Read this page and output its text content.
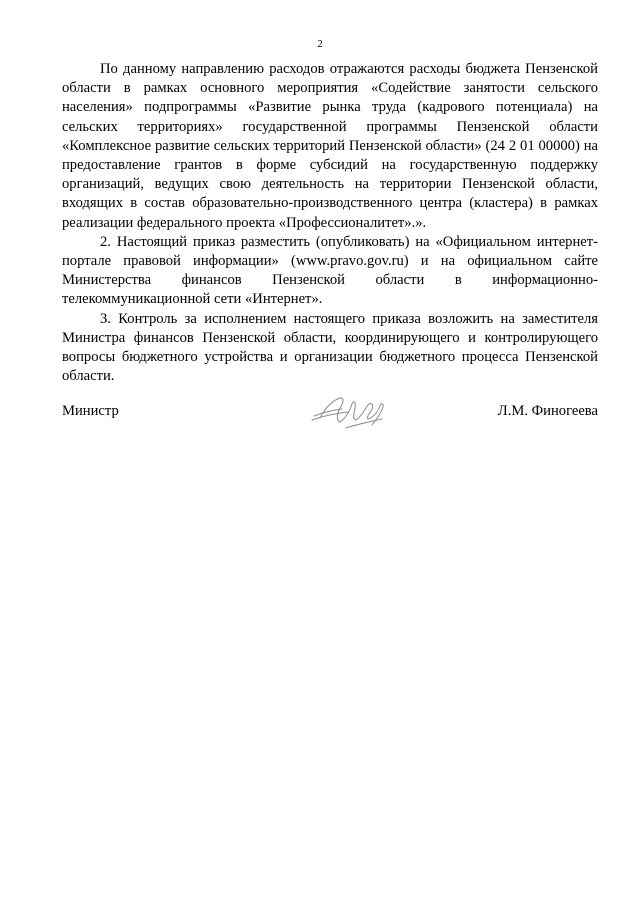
2

По данному направлению расходов отражаются расходы бюджета Пензенской области в рамках основного мероприятия «Содействие занятости сельского населения» подпрограммы «Развитие рынка труда (кадрового потенциала) на сельских территориях» государственной программы Пензенской области «Комплексное развитие сельских территорий Пензенской области» (24 2 01 00000) на предоставление грантов в форме субсидий на государственную поддержку организаций, ведущих свою деятельность на территории Пензенской области, входящих в состав образовательно-производственного центра (кластера) в рамках реализации федерального проекта «Профессионалитет».».

2. Настоящий приказ разместить (опубликовать) на «Официальном интернет-портале правовой информации» (www.pravo.gov.ru) и на официальном сайте Министерства финансов Пензенской области в информационно-телекоммуникационной сети «Интернет».

3. Контроль за исполнением настоящего приказа возложить на заместителя Министра финансов Пензенской области, координирующего и контролирующего вопросы бюджетного устройства и организации бюджетного процесса Пензенской области.

Министр	Л.М. Финогеева
